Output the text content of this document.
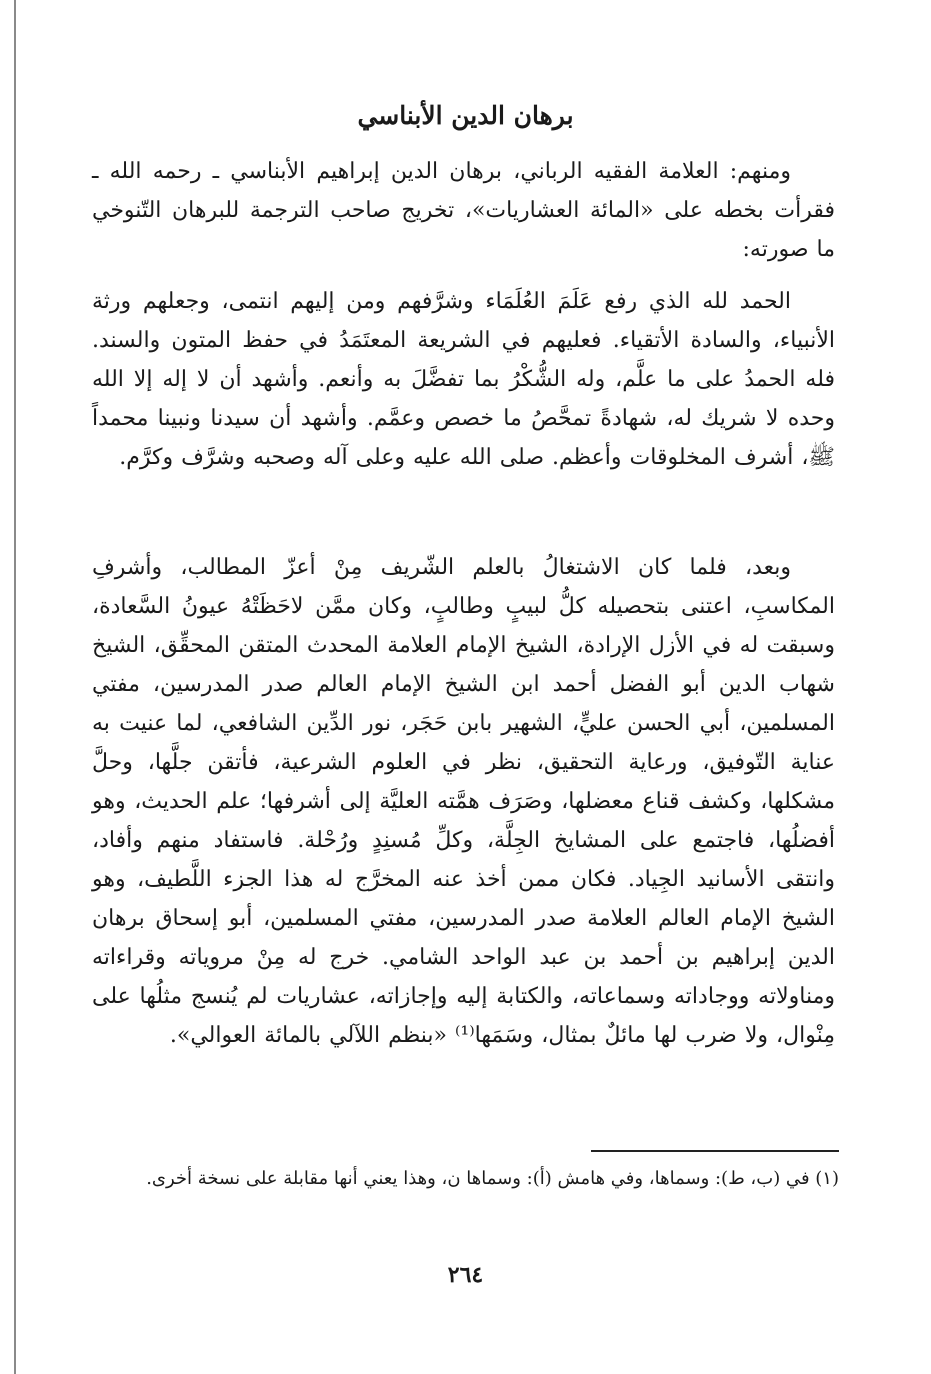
برهان الدين الأبناسي

ومنهم: العلامة الفقيه الرباني، برهان الدين إبراهيم الأبناسي ـ رحمه الله ـ فقرأت بخطه على «المائة العشاريات»، تخريج صاحب الترجمة للبرهان التّنوخي ما صورته:

الحمد لله الذي رفع عَلَمَ العُلَمَاء وشرَّفهم ومن إليهم انتمى، وجعلهم ورثة الأنبياء، والسادة الأتقياء. فعليهم في الشريعة المعتَمَدُ في حفظ المتون والسند. فله الحمدُ على ما علَّم، وله الشُّكْرُ بما تفضَّلَ به وأنعم. وأشهد أن لا إله إلا الله وحده لا شريك له، شهادةً تمحَّصُ ما خصص وعمَّم. وأشهد أن سيدنا ونبينا محمداً ﷺ، أشرف المخلوقات وأعظم. صلى الله عليه وعلى آله وصحبه وشرَّف وكرَّم.

وبعد، فلما كان الاشتغالُ بالعلم الشّريف مِنْ أعزّ المطالب، وأشرفِ المكاسبِ، اعتنى بتحصيله كلُّ لبيبٍ وطالبٍ، وكان ممَّن لاحَظَتْهُ عيونُ السَّعادة، وسبقت له في الأزل الإرادة، الشيخ الإمام العلامة المحدث المتقن المحقِّق، الشيخ شهاب الدين أبو الفضل أحمد ابن الشيخ الإمام العالم صدر المدرسين، مفتي المسلمين، أبي الحسن عليٍّ، الشهير بابن حَجَر، نور الدِّين الشافعي، لما عنيت به عناية التّوفيق، ورعاية التحقيق، نظر في العلوم الشرعية، فأتقن جلَّها، وحلَّ مشكلها، وكشف قناع معضلها، وصَرَف همَّته العليَّة إلى أشرفها؛ علم الحديث، وهو أفضلُها، فاجتمع على المشايخ الجِلَّة، وكلِّ مُسنِدٍ ورُحْلة. فاستفاد منهم وأفاد، وانتقى الأسانيد الجِياد. فكان ممن أخذ عنه المخرَّج له هذا الجزء اللَّطيف، وهو الشيخ الإمام العالم العلامة صدر المدرسين، مفتي المسلمين، أبو إسحاق برهان الدين إبراهيم بن أحمد بن عبد الواحد الشامي. خرج له مِنْ مروياته وقراءاته ومناولاته ووجاداته وسماعاته، والكتابة إليه وإجازاته، عشاريات لم يُنسج مثلُها على مِنْوال، ولا ضرب لها مائلٌ بمثال، وسَمَها⁽¹⁾ «بنظم اللآلي بالمائة العوالي».

(١) في (ب، ط): وسماها، وفي هامش (أ): وسماها ن، وهذا يعني أنها مقابلة على نسخة أخرى.

٢٦٤
